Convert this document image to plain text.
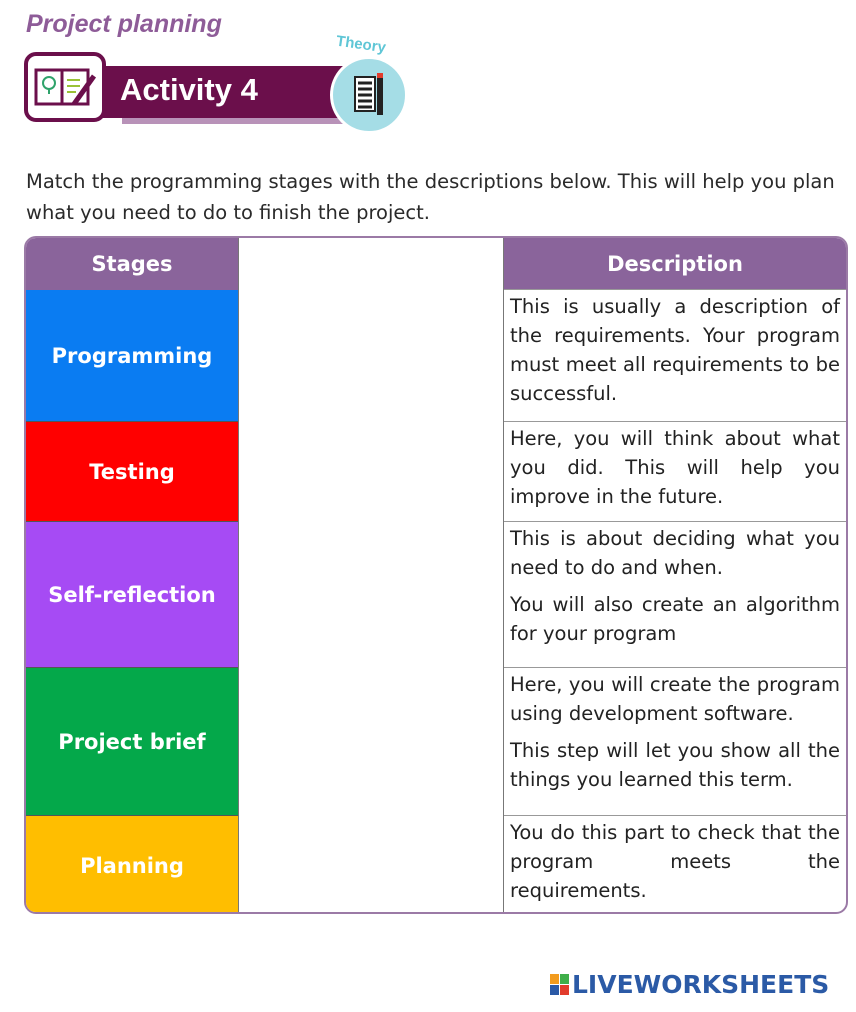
Project planning
Activity 4
Theory
Match the programming stages with the descriptions below. This will help you plan what you need to do to finish the project.
Stages	Description
Programming
Testing
Self-reflection
Project brief
Planning

This is usually a description of the requirements. Your program must meet all requirements to be successful.

Here, you will think about what you did. This will help you improve in the future.

This is about deciding what you need to do and when.

You will also create an algorithm for your program

Here, you will create the program using development software.

This step will let you show all the things you learned this term.

You do this part to check that the program meets the requirements.

LIVEWORKSHEETS
